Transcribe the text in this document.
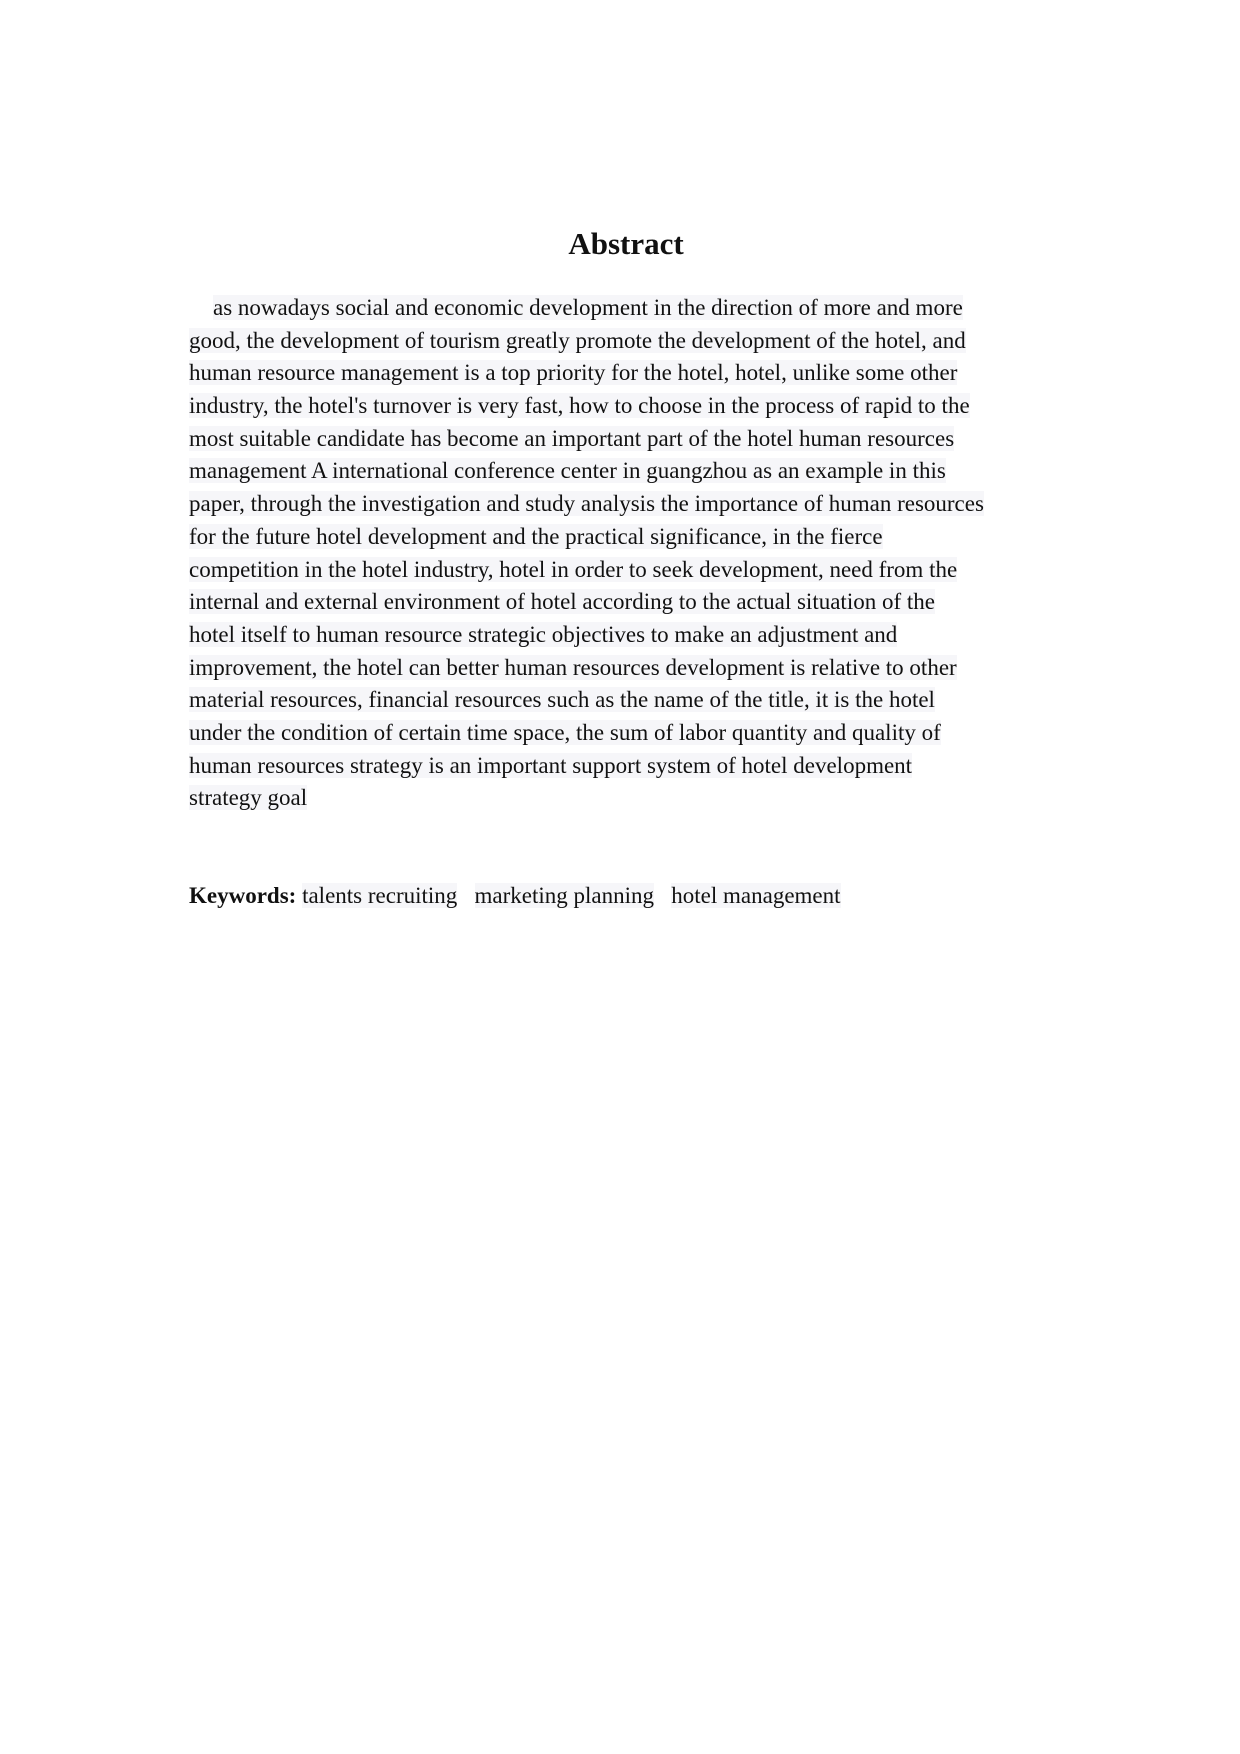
Abstract
as nowadays social and economic development in the direction of more and more
good, the development of tourism greatly promote the development of the hotel, and
human resource management is a top priority for the hotel, hotel, unlike some other
industry, the hotel's turnover is very fast, how to choose in the process of rapid to the
most suitable candidate has become an important part of the hotel human resources
management A international conference center in guangzhou as an example in this
paper, through the investigation and study analysis the importance of human resources
for the future hotel development and the practical significance, in the fierce
competition in the hotel industry, hotel in order to seek development, need from the
internal and external environment of hotel according to the actual situation of the
hotel itself to human resource strategic objectives to make an adjustment and
improvement, the hotel can better human resources development is relative to other
material resources, financial resources such as the name of the title, it is the hotel
under the condition of certain time space, the sum of labor quantity and quality of
human resources strategy is an important support system of hotel development
strategy goal
Keywords: talents recruiting marketing planning hotel management
